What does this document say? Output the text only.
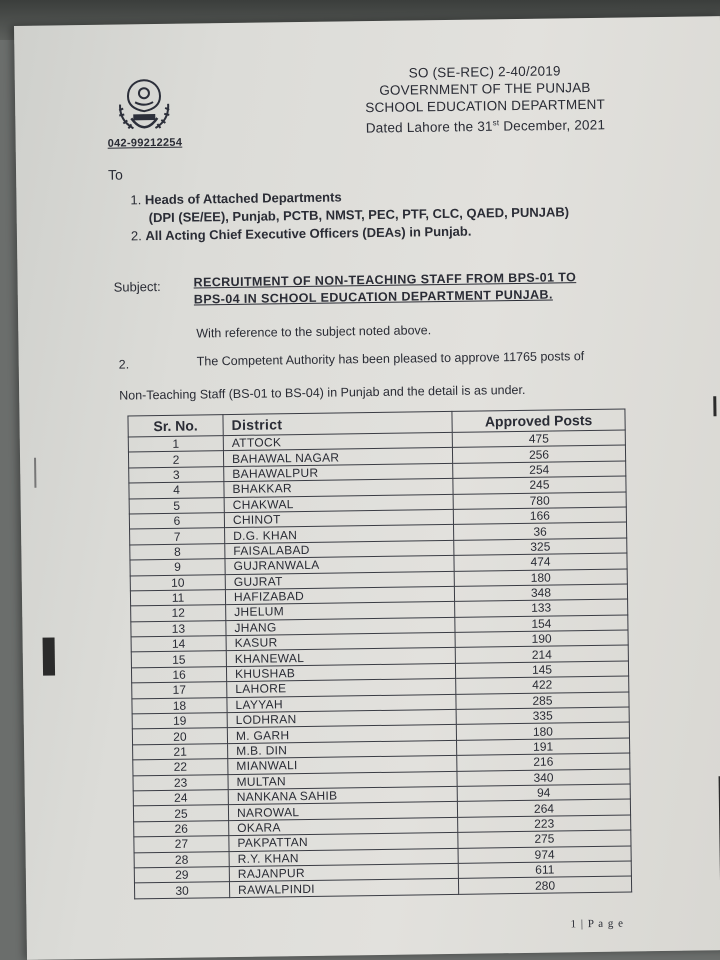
042-99212254
SO (SE-REC) 2-40/2019
GOVERNMENT OF THE PUNJAB
SCHOOL EDUCATION DEPARTMENT
Dated Lahore the 31st December, 2021
To
1. Heads of Attached Departments
(DPI (SE/EE), Punjab, PCTB, NMST, PEC, PTF, CLC, QAED, PUNJAB)
2. All Acting Chief Executive Officers (DEAs) in Punjab.
Subject:	RECRUITMENT OF NON-TEACHING STAFF FROM BPS-01 TO
BPS-04 IN SCHOOL EDUCATION DEPARTMENT PUNJAB.
With reference to the subject noted above.
2.	The Competent Authority has been pleased to approve 11765 posts of
Non-Teaching Staff (BS-01 to BS-04) in Punjab and the detail is as under.
Sr. No.	District	Approved Posts
1	ATTOCK	475
2	BAHAWAL NAGAR	256
3	BAHAWALPUR	254
4	BHAKKAR	245
5	CHAKWAL	780
6	CHINOT	166
7	D.G. KHAN	36
8	FAISALABAD	325
9	GUJRANWALA	474
10	GUJRAT	180
11	HAFIZABAD	348
12	JHELUM	133
13	JHANG	154
14	KASUR	190
15	KHANEWAL	214
16	KHUSHAB	145
17	LAHORE	422
18	LAYYAH	285
19	LODHRAN	335
20	M. GARH	180
21	M.B. DIN	191
22	MIANWALI	216
23	MULTAN	340
24	NANKANA SAHIB	94
25	NAROWAL	264
26	OKARA	223
27	PAKPATTAN	275
28	R.Y. KHAN	974
29	RAJANPUR	611
30	RAWALPINDI	280
1 | P a g e
